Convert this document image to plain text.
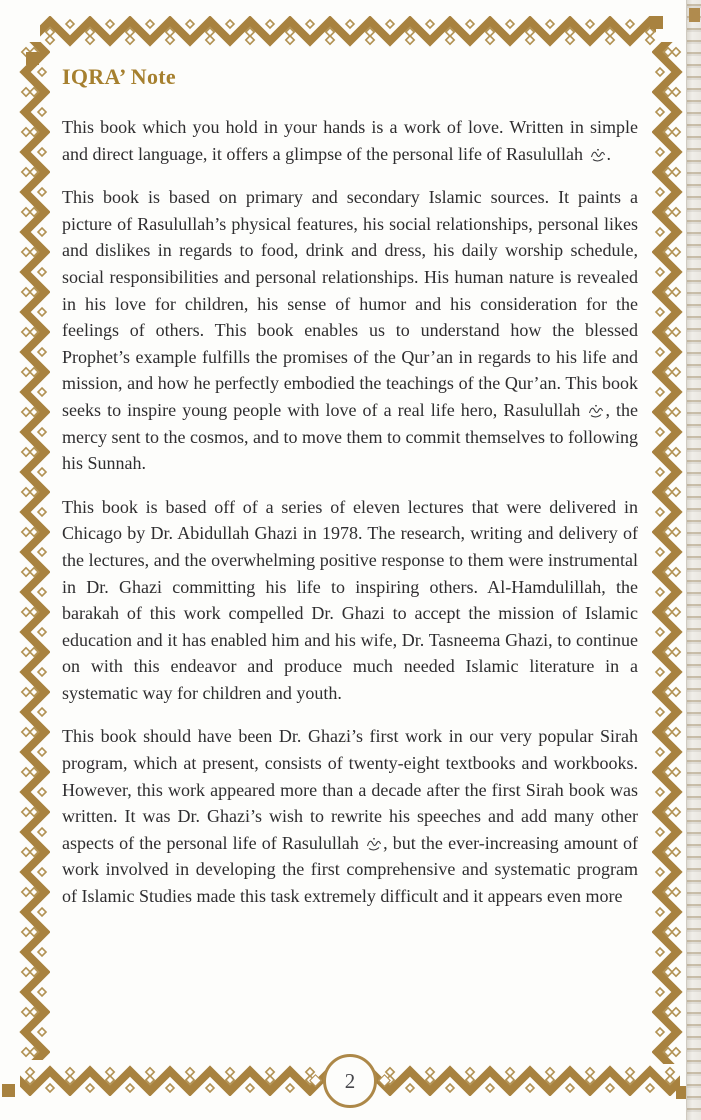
IQRA’ Note

This book which you hold in your hands is a work of love. Written in simple and direct language, it offers a glimpse of the personal life of Rasulullah .

This book is based on primary and secondary Islamic sources. It paints a picture of Rasulullah’s physical features, his social relationships, personal likes and dislikes in regards to food, drink and dress, his daily worship schedule, social responsibilities and personal relationships. His human nature is revealed in his love for children, his sense of humor and his consideration for the feelings of others. This book enables us to understand how the blessed Prophet’s example fulfills the promises of the Qur’an in regards to his life and mission, and how he perfectly embodied the teachings of the Qur’an. This book seeks to inspire young people with love of a real life hero, Rasulullah , the mercy sent to the cosmos, and to move them to commit themselves to following his Sunnah.

This book is based off of a series of eleven lectures that were delivered in Chicago by Dr. Abidullah Ghazi in 1978. The research, writing and delivery of the lectures, and the overwhelming positive response to them were instrumental in Dr. Ghazi committing his life to inspiring others. Al-Hamdulillah, the barakah of this work compelled Dr. Ghazi to accept the mission of Islamic education and it has enabled him and his wife, Dr. Tasneema Ghazi, to continue on with this endeavor and produce much needed Islamic literature in a systematic way for children and youth.

This book should have been Dr. Ghazi’s first work in our very popular Sirah program, which at present, consists of twenty-eight textbooks and workbooks. However, this work appeared more than a decade after the first Sirah book was written. It was Dr. Ghazi’s wish to rewrite his speeches and add many other aspects of the personal life of Rasulullah , but the ever-increasing amount of work involved in developing the first comprehensive and systematic program of Islamic Studies made this task extremely difficult and it appears even more

2
